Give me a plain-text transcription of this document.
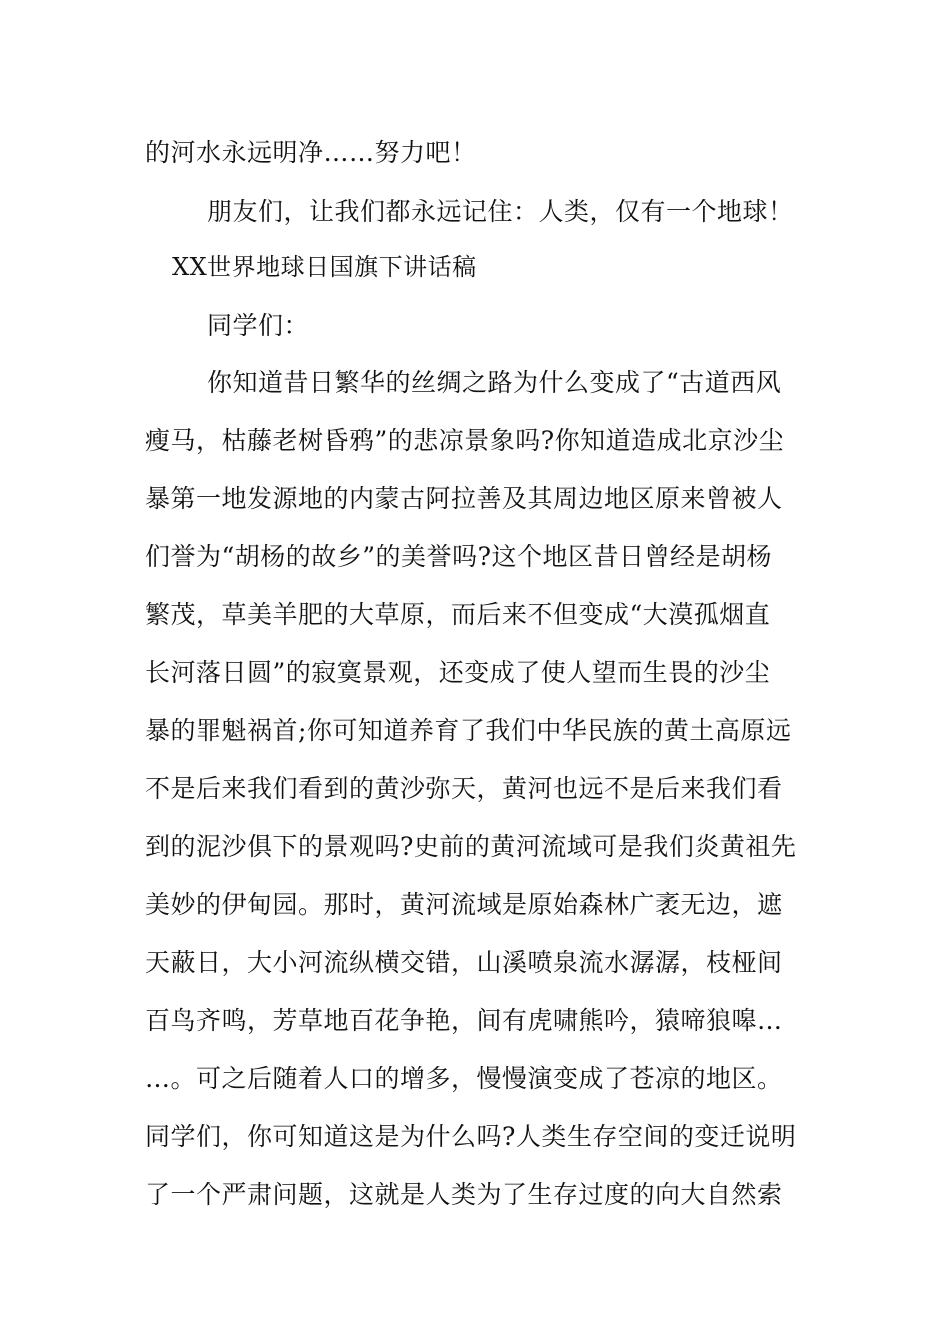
的河水永远明净……努力吧！
朋友们，让我们都永远记住：人类，仅有一个地球！
XX世界地球日国旗下讲话稿
同学们：
你知道昔日繁华的丝绸之路为什么变成了“古道西风
瘦马，枯藤老树昏鸦”的悲凉景象吗?你知道造成北京沙尘
暴第一地发源地的内蒙古阿拉善及其周边地区原来曾被人
们誉为“胡杨的故乡”的美誉吗?这个地区昔日曾经是胡杨
繁茂，草美羊肥的大草原，而后来不但变成“大漠孤烟直
长河落日圆”的寂寞景观，还变成了使人望而生畏的沙尘
暴的罪魁祸首;你可知道养育了我们中华民族的黄土高原远
不是后来我们看到的黄沙弥天，黄河也远不是后来我们看
到的泥沙俱下的景观吗?史前的黄河流域可是我们炎黄祖先
美妙的伊甸园。那时，黄河流域是原始森林广袤无边，遮
天蔽日，大小河流纵横交错，山溪喷泉流水潺潺，枝桠间
百鸟齐鸣，芳草地百花争艳，间有虎啸熊吟，猿啼狼嗥…
…。可之后随着人口的增多，慢慢演变成了苍凉的地区。
同学们，你可知道这是为什么吗?人类生存空间的变迁说明
了一个严肃问题，这就是人类为了生存过度的向大自然索
